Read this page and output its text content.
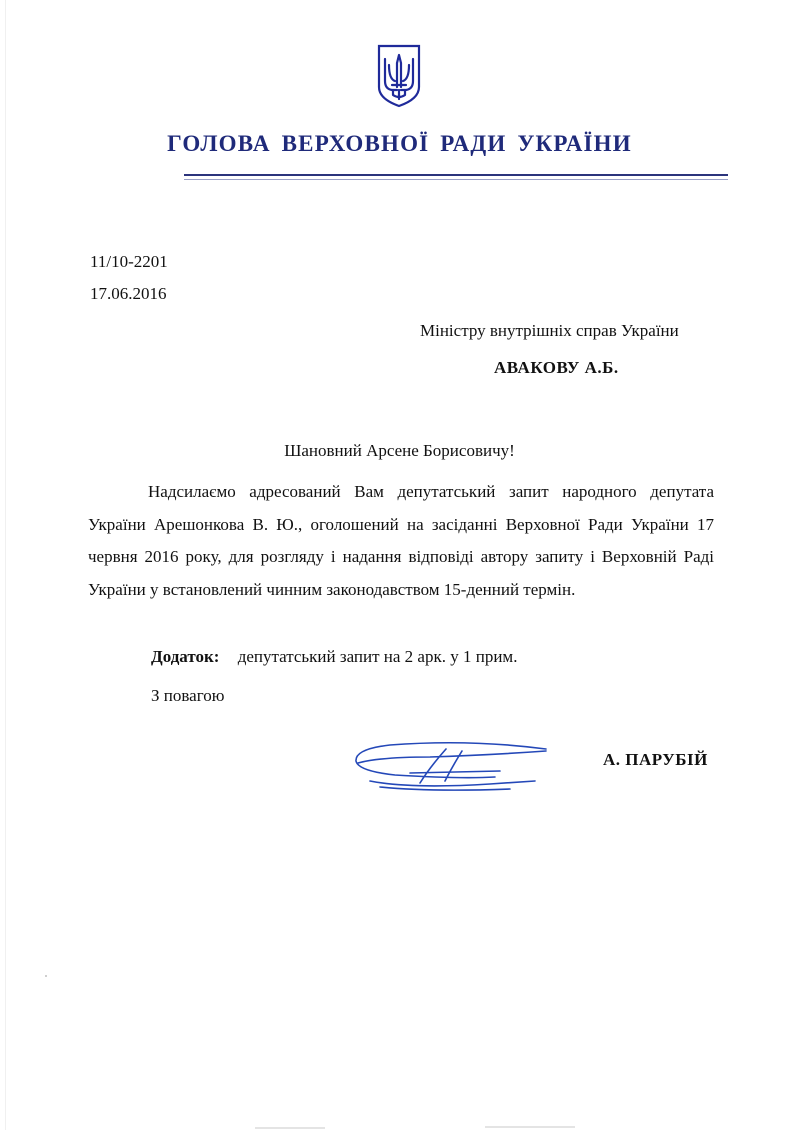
ГОЛОВА ВЕРХОВНОЇ РАДИ УКРАЇНИ
11/10-2201
17.06.2016
Міністру внутрішніх справ України
АВАКОВУ А.Б.
Шановний Арсене Борисовичу!
Надсилаємо адресований Вам депутатський запит народного депутата України Арешонкова В. Ю., оголошений на засіданні Верховної Ради України 17 червня 2016 року, для розгляду і надання відповіді автору запиту і Верховній Раді України у встановлений чинним законодавством 15-денний термін.
Додаток: депутатський запит на 2 арк. у 1 прим.
З повагою
А. ПАРУБІЙ
